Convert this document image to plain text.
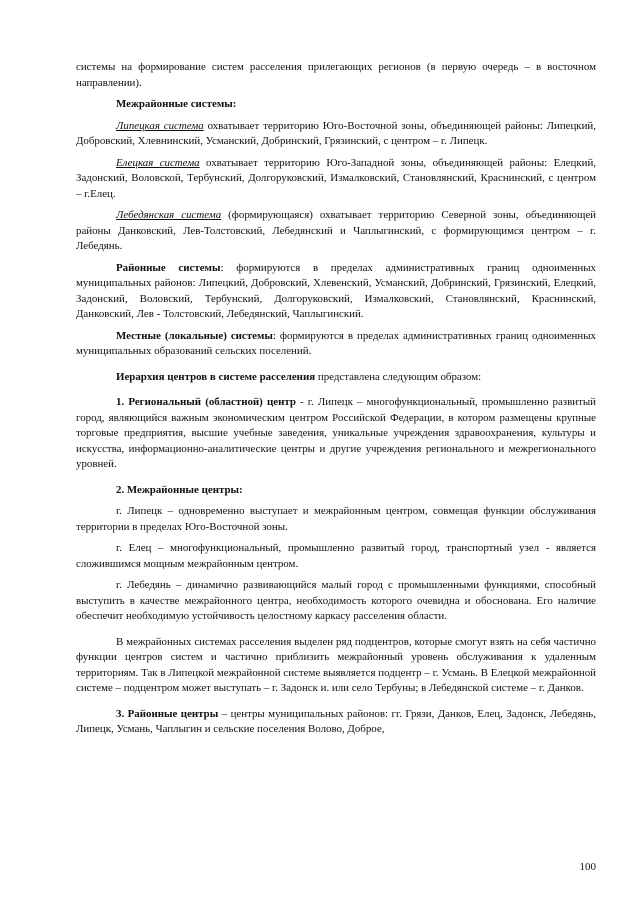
системы на формирование систем расселения прилегающих регионов (в первую очередь – в восточном направлении).

Межрайонные системы:

Липецкая система охватывает территорию Юго-Восточной зоны, объединяющей районы: Липецкий, Добровский, Хлевнинский, Усманский, Добринский, Грязинский, с центром – г. Липецк.

Елецкая система охватывает территорию Юго-Западной зоны, объединяющей районы: Елецкий, Задонский, Воловской, Тербунский, Долгоруковский, Измалковский, Становлянский, Краснинский, с центром – г.Елец.

Лебедянская система (формирующаяся) охватывает территорию Северной зоны, объединяющей районы Данковский, Лев-Толстовский, Лебедянский и Чаплыгинский, с формирующимся центром – г. Лебедянь.

Районные системы: формируются в пределах административных границ одноименных муниципальных районов: Липецкий, Добровский, Хлевенский, Усманский, Добринский, Грязинский, Елецкий, Задонский, Воловский, Тербунский, Долгоруковский, Измалковский, Становлянский, Краснинский, Данковский, Лев - Толстовский, Лебедянский, Чаплыгинский.

Местные (локальные) системы: формируются в пределах административных границ одноименных муниципальных образований сельских поселений.

Иерархия центров в системе расселения представлена следующим образом:

1. Региональный (областной) центр - г. Липецк – многофункциональный, промышленно развитый город, являющийся важным экономическим центром Российской Федерации, в котором размещены крупные торговые предприятия, высшие учебные заведения, уникальные учреждения здравоохранения, культуры и искусства, информационно-аналитические центры и другие учреждения регионального и межрегионального уровней.

2. Межрайонные центры:

г. Липецк – одновременно выступает и межрайонным центром, совмещая функции обслуживания территории в пределах Юго-Восточной зоны.

г. Елец – многофункциональный, промышленно развитый город, транспортный узел - является сложившимся мощным межрайонным центром.

г. Лебедянь – динамично развивающийся малый город с промышленными функциями, способный выступить в качестве межрайонного центра, необходимость которого очевидна и обоснована. Его наличие обеспечит необходимую устойчивость целостному каркасу расселения области.

В межрайонных системах расселения выделен ряд подцентров, которые смогут взять на себя частично функции центров систем и частично приблизить межрайонный уровень обслуживания к удаленным территориям. Так в Липецкой межрайонной системе выявляется подцентр – г. Усмань. В Елецкой межрайонной системе – подцентром может выступать – г. Задонск и. или село Тербуны; в Лебедянской системе – г. Данков.

3. Районные центры – центры муниципальных районов: гг. Грязи, Данков, Елец, Задонск, Лебедянь, Липецк, Усмань, Чаплыгин и сельские поселения Волово, Доброе,

100
